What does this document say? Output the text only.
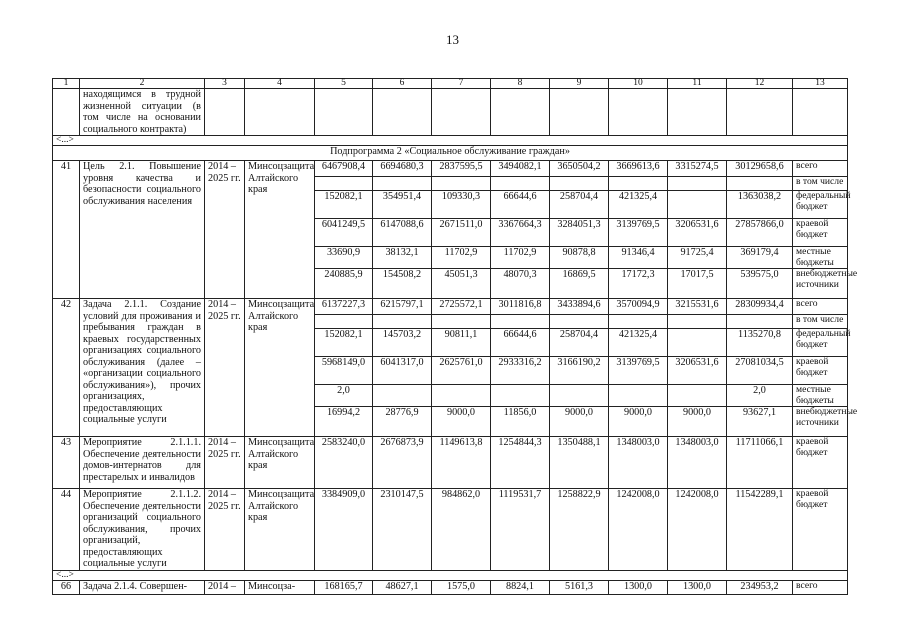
13
1	2	3	4	5	6	7	8	9	10	11	12	13
	находящимся в трудной жизненной ситуации (в том числе на основании социального контракта)											
<...>												
Подпрограмма 2 «Социальное обслуживание граждан»												
41	Цель 2.1. Повышение уровня качества и безопасности социального обслуживания населения	2014 – 2025 гг.	Минсоцзащита Алтайского края	6467908,4	6694680,3	2837595,5	3494082,1	3650504,2	3669613,6	3315274,5	30129658,6	всего
												в том числе
				152082,1	354951,4	109330,3	66644,6	258704,4	421325,4		1363038,2	федеральный бюджет
				6041249,5	6147088,6	2671511,0	3367664,3	3284051,3	3139769,5	3206531,6	27857866,0	краевой бюджет
				33690,9	38132,1	11702,9	11702,9	90878,8	91346,4	91725,4	369179,4	местные бюджеты
				240885,9	154508,2	45051,3	48070,3	16869,5	17172,3	17017,5	539575,0	внебюджетные источники
42	Задача 2.1.1. Создание условий для проживания и пребывания граждан в краевых государственных организациях социального обслуживания (далее – «организации социального обслуживания»), прочих организациях, предоставляющих социальные услуги	2014 – 2025 гг.	Минсоцзащита Алтайского края	6137227,3	6215797,1	2725572,1	3011816,8	3433894,6	3570094,9	3215531,6	28309934,4	всего
												в том числе
				152082,1	145703,2	90811,1	66644,6	258704,4	421325,4		1135270,8	федеральный бюджет
				5968149,0	6041317,0	2625761,0	2933316,2	3166190,2	3139769,5	3206531,6	27081034,5	краевой бюджет
				2,0							2,0	местные бюджеты
				16994,2	28776,9	9000,0	11856,0	9000,0	9000,0	9000,0	93627,1	внебюджетные источники
43	Мероприятие 2.1.1.1. Обеспечение деятельности домов-интернатов для престарелых и инвалидов	2014 – 2025 гг.	Минсоцзащита Алтайского края	2583240,0	2676873,9	1149613,8	1254844,3	1350488,1	1348003,0	1348003,0	11711066,1	краевой бюджет
44	Мероприятие 2.1.1.2. Обеспечение деятельности организаций социального обслуживания, прочих организаций, предоставляющих социальные услуги	2014 – 2025 гг.	Минсоцзащита Алтайского края	3384909,0	2310147,5	984862,0	1119531,7	1258822,9	1242008,0	1242008,0	11542289,1	краевой бюджет
<...>												
66	Задача 2.1.4. Совершен-	2014 –	Минсоцза-	168165,7	48627,1	1575,0	8824,1	5161,3	1300,0	1300,0	234953,2	всего
